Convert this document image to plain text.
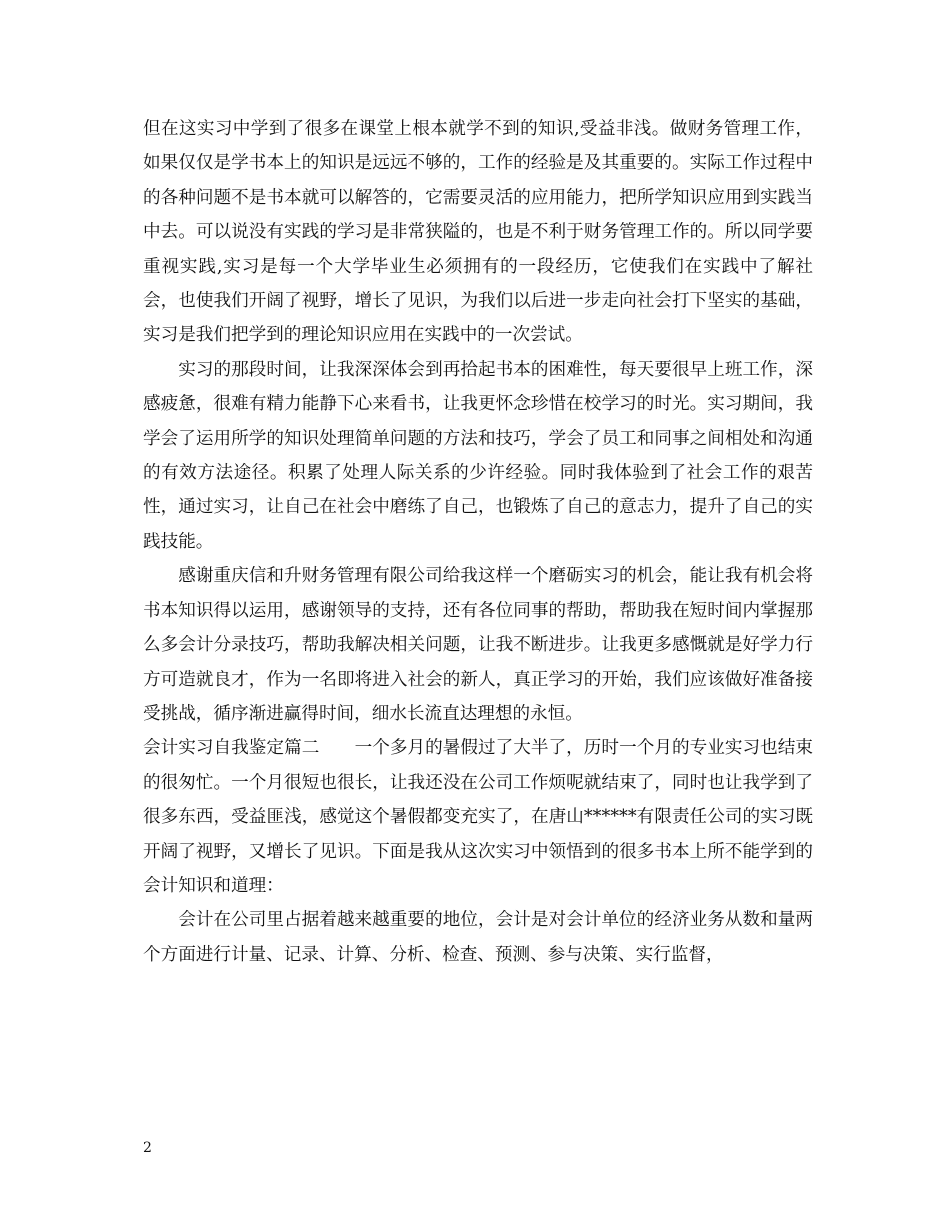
但在这实习中学到了很多在课堂上根本就学不到的知识,受益非浅。做财务管理工作，如果仅仅是学书本上的知识是远远不够的，工作的经验是及其重要的。实际工作过程中的各种问题不是书本就可以解答的，它需要灵活的应用能力，把所学知识应用到实践当中去。可以说没有实践的学习是非常狭隘的，也是不利于财务管理工作的。所以同学要重视实践,实习是每一个大学毕业生必须拥有的一段经历，它使我们在实践中了解社会，也使我们开阔了视野，增长了见识，为我们以后进一步走向社会打下坚实的基础，实习是我们把学到的理论知识应用在实践中的一次尝试。

实习的那段时间，让我深深体会到再拾起书本的困难性，每天要很早上班工作，深感疲惫，很难有精力能静下心来看书，让我更怀念珍惜在校学习的时光。实习期间，我学会了运用所学的知识处理简单问题的方法和技巧，学会了员工和同事之间相处和沟通的有效方法途径。积累了处理人际关系的少许经验。同时我体验到了社会工作的艰苦性，通过实习，让自己在社会中磨练了自己，也锻炼了自己的意志力，提升了自己的实践技能。

感谢重庆信和升财务管理有限公司给我这样一个磨砺实习的机会，能让我有机会将书本知识得以运用，感谢领导的支持，还有各位同事的帮助，帮助我在短时间内掌握那么多会计分录技巧，帮助我解决相关问题，让我不断进步。让我更多感慨就是好学力行方可造就良才，作为一名即将进入社会的新人，真正学习的开始，我们应该做好准备接受挑战，循序渐进赢得时间，细水长流直达理想的永恒。

会计实习自我鉴定篇二 一个多月的暑假过了大半了，历时一个月的专业实习也结束的很匆忙。一个月很短也很长，让我还没在公司工作烦呢就结束了，同时也让我学到了很多东西，受益匪浅，感觉这个暑假都变充实了，在唐山******有限责任公司的实习既开阔了视野，又增长了见识。下面是我从这次实习中领悟到的很多书本上所不能学到的会计知识和道理：

会计在公司里占据着越来越重要的地位，会计是对会计单位的经济业务从数和量两个方面进行计量、记录、计算、分析、检查、预测、参与决策、实行监督，

2
